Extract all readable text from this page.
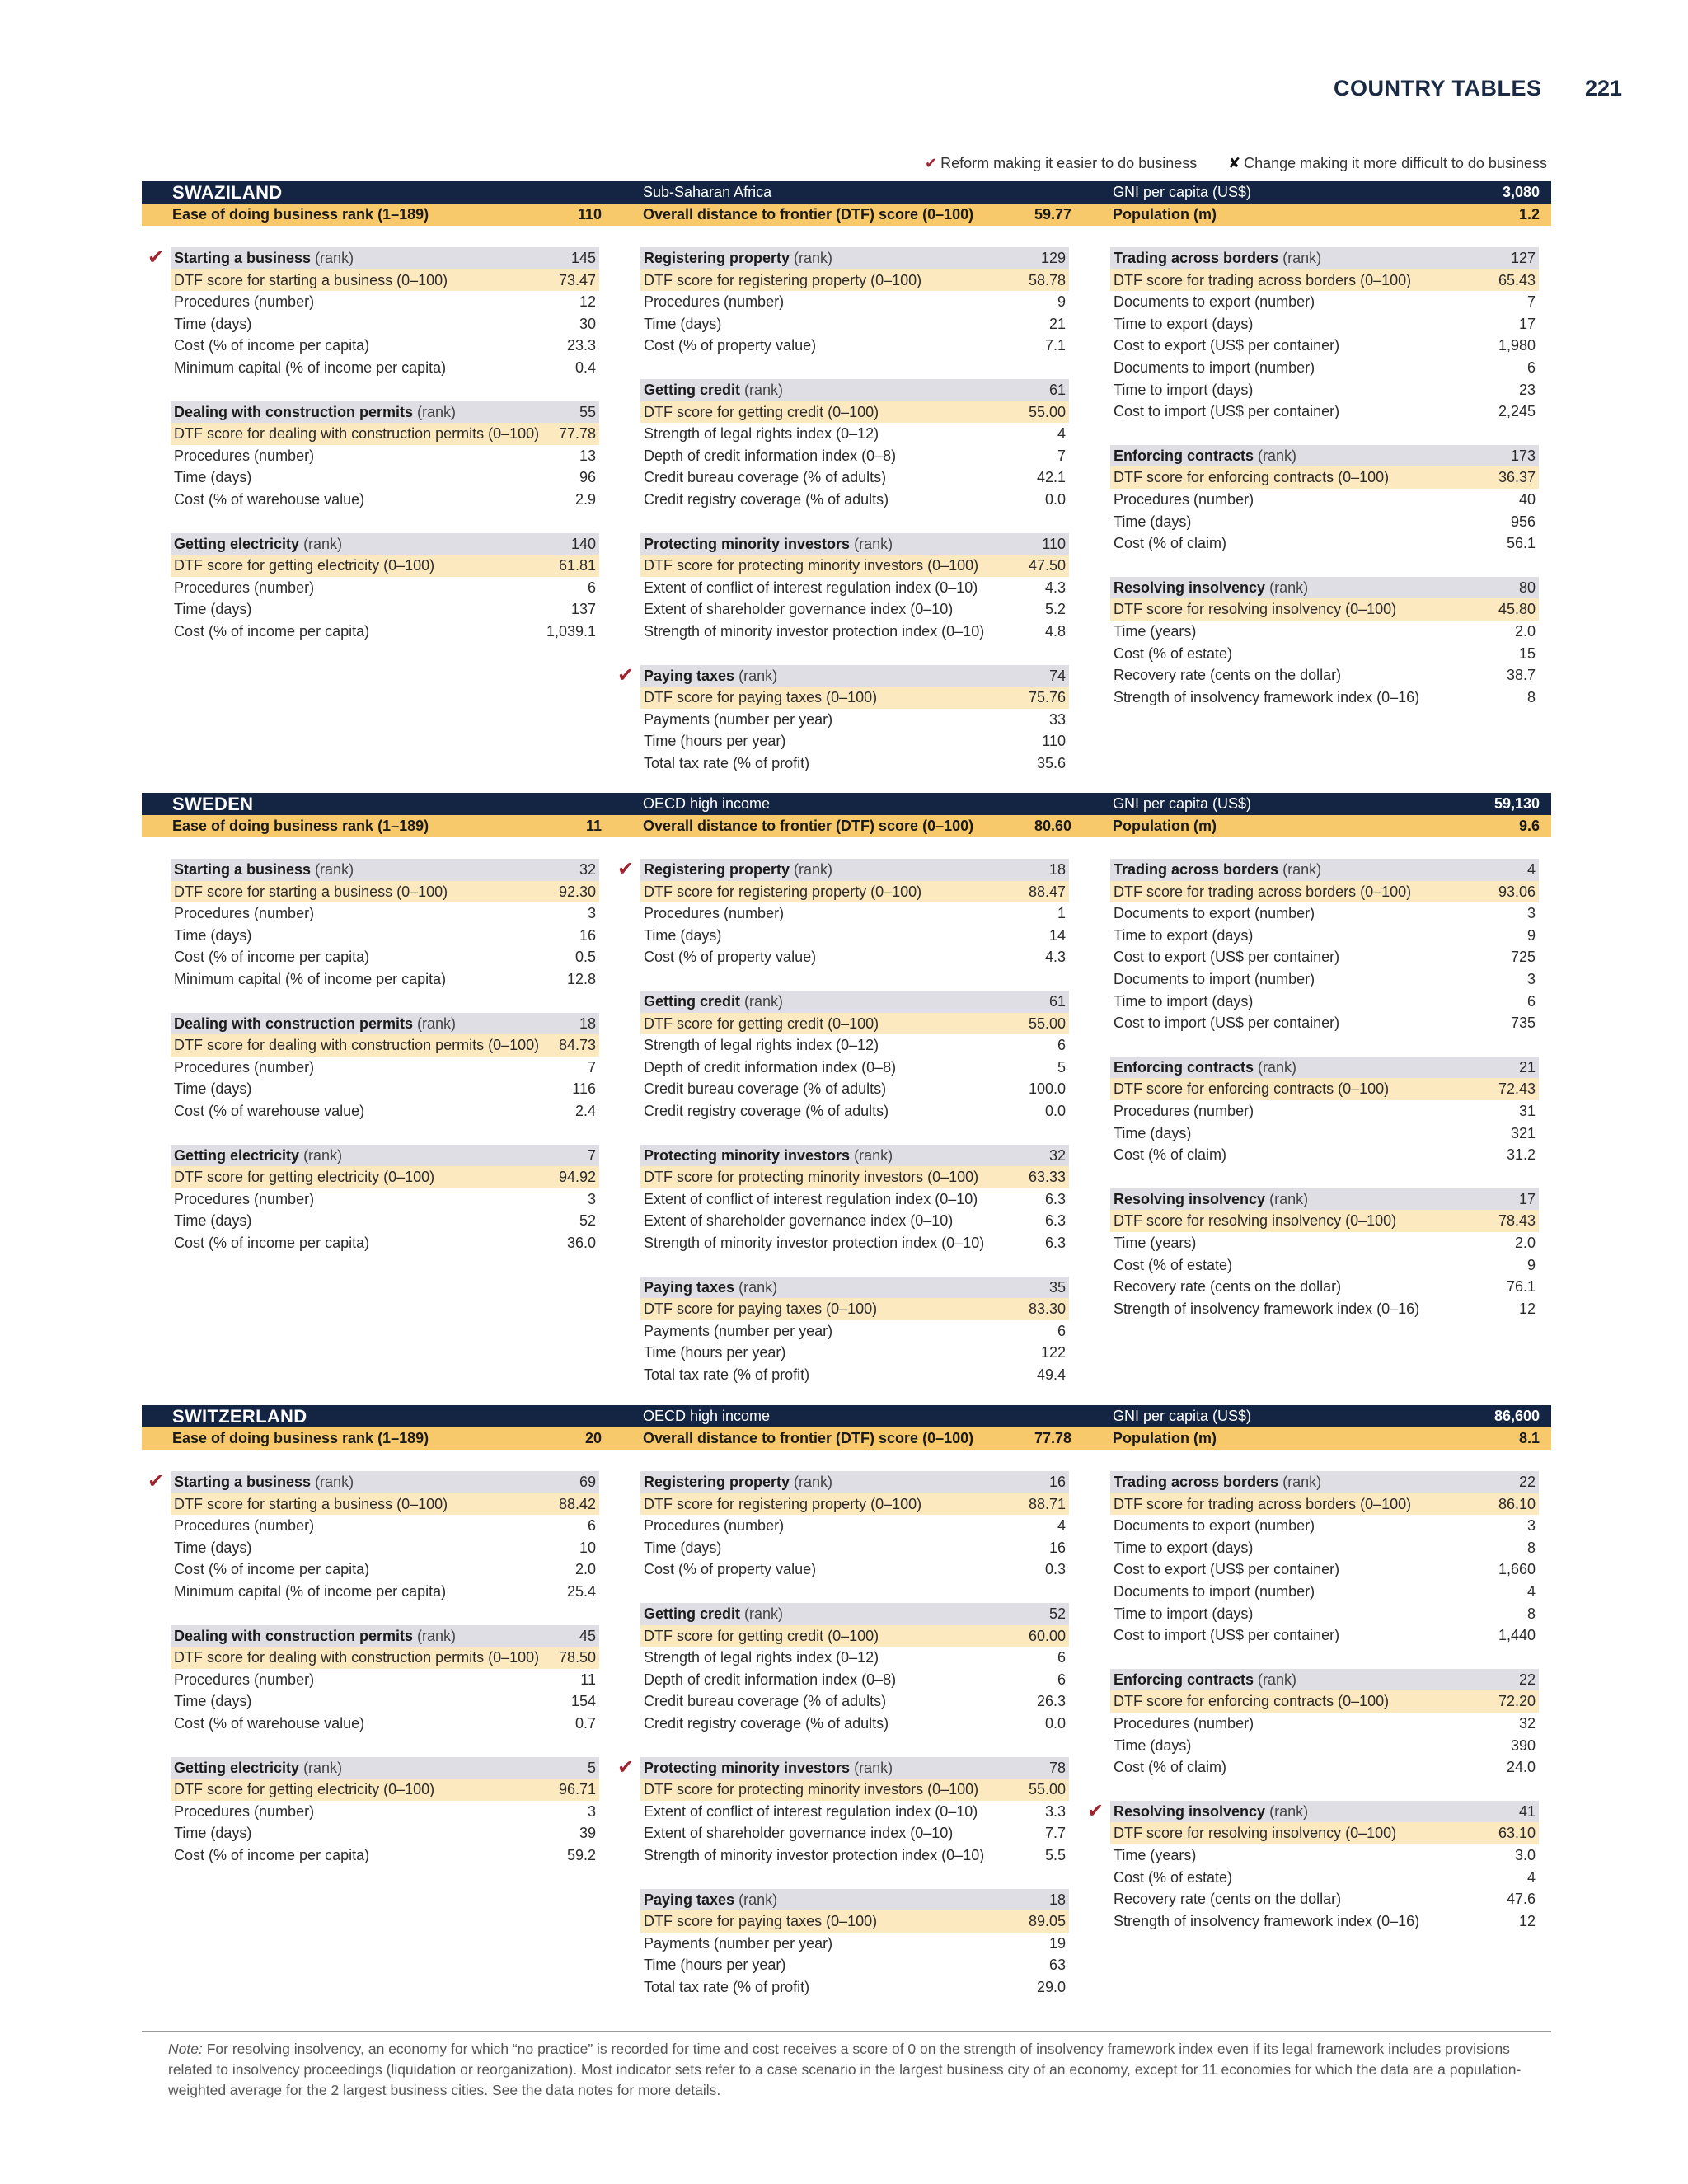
COUNTRY TABLES 221
✔ Reform making it easier to do business ✘ Change making it more difficult to do business
SWAZILAND	Sub-Saharan Africa	GNI per capita (US$)	3,080
Ease of doing business rank (1–189)	110	Overall distance to frontier (DTF) score (0–100)	59.77	Population (m)	1.2
✔ Starting a business (rank)	145
DTF score for starting a business (0–100)	73.47
Procedures (number)	12
Time (days)	30
Cost (% of income per capita)	23.3
Minimum capital (% of income per capita)	0.4
Dealing with construction permits (rank)	55
DTF score for dealing with construction permits (0–100) 77.78
Procedures (number)	13
Time (days)	96
Cost (% of warehouse value)	2.9
Getting electricity (rank)	140
DTF score for getting electricity (0–100)	61.81
Procedures (number)	6
Time (days)	137
Cost (% of income per capita)	1,039.1
Registering property (rank)	129
DTF score for registering property (0–100)	58.78
Procedures (number)	9
Time (days)	21
Cost (% of property value)	7.1
Getting credit (rank)	61
DTF score for getting credit (0–100)	55.00
Strength of legal rights index (0–12)	4
Depth of credit information index (0–8)	7
Credit bureau coverage (% of adults)	42.1
Credit registry coverage (% of adults)	0.0
Protecting minority investors (rank)	110
DTF score for protecting minority investors (0–100)	47.50
Extent of conflict of interest regulation index (0–10)	4.3
Extent of shareholder governance index (0–10)	5.2
Strength of minority investor protection index (0–10)	4.8
✔ Paying taxes (rank)	74
DTF score for paying taxes (0–100)	75.76
Payments (number per year)	33
Time (hours per year)	110
Total tax rate (% of profit)	35.6
Trading across borders (rank)	127
DTF score for trading across borders (0–100)	65.43
Documents to export (number)	7
Time to export (days)	17
Cost to export (US$ per container)	1,980
Documents to import (number)	6
Time to import (days)	23
Cost to import (US$ per container)	2,245
Enforcing contracts (rank)	173
DTF score for enforcing contracts (0–100)	36.37
Procedures (number)	40
Time (days)	956
Cost (% of claim)	56.1
Resolving insolvency (rank)	80
DTF score for resolving insolvency (0–100)	45.80
Time (years)	2.0
Cost (% of estate)	15
Recovery rate (cents on the dollar)	38.7
Strength of insolvency framework index (0–16)	8
SWEDEN	OECD high income	GNI per capita (US$)	59,130
Ease of doing business rank (1–189)	11	Overall distance to frontier (DTF) score (0–100)	80.60	Population (m)	9.6
Starting a business (rank)	32
DTF score for starting a business (0–100)	92.30
Procedures (number)	3
Time (days)	16
Cost (% of income per capita)	0.5
Minimum capital (% of income per capita)	12.8
Dealing with construction permits (rank)	18
DTF score for dealing with construction permits (0–100) 84.73
Procedures (number)	7
Time (days)	116
Cost (% of warehouse value)	2.4
Getting electricity (rank)	7
DTF score for getting electricity (0–100)	94.92
Procedures (number)	3
Time (days)	52
Cost (% of income per capita)	36.0
✔ Registering property (rank)	18
DTF score for registering property (0–100)	88.47
Procedures (number)	1
Time (days)	14
Cost (% of property value)	4.3
Getting credit (rank)	61
DTF score for getting credit (0–100)	55.00
Strength of legal rights index (0–12)	6
Depth of credit information index (0–8)	5
Credit bureau coverage (% of adults)	100.0
Credit registry coverage (% of adults)	0.0
Protecting minority investors (rank)	32
DTF score for protecting minority investors (0–100)	63.33
Extent of conflict of interest regulation index (0–10)	6.3
Extent of shareholder governance index (0–10)	6.3
Strength of minority investor protection index (0–10)	6.3
Paying taxes (rank)	35
DTF score for paying taxes (0–100)	83.30
Payments (number per year)	6
Time (hours per year)	122
Total tax rate (% of profit)	49.4
Trading across borders (rank)	4
DTF score for trading across borders (0–100)	93.06
Documents to export (number)	3
Time to export (days)	9
Cost to export (US$ per container)	725
Documents to import (number)	3
Time to import (days)	6
Cost to import (US$ per container)	735
Enforcing contracts (rank)	21
DTF score for enforcing contracts (0–100)	72.43
Procedures (number)	31
Time (days)	321
Cost (% of claim)	31.2
Resolving insolvency (rank)	17
DTF score for resolving insolvency (0–100)	78.43
Time (years)	2.0
Cost (% of estate)	9
Recovery rate (cents on the dollar)	76.1
Strength of insolvency framework index (0–16)	12
SWITZERLAND	OECD high income	GNI per capita (US$)	86,600
Ease of doing business rank (1–189)	20	Overall distance to frontier (DTF) score (0–100)	77.78	Population (m)	8.1
✔ Starting a business (rank)	69
DTF score for starting a business (0–100)	88.42
Procedures (number)	6
Time (days)	10
Cost (% of income per capita)	2.0
Minimum capital (% of income per capita)	25.4
Dealing with construction permits (rank)	45
DTF score for dealing with construction permits (0–100) 78.50
Procedures (number)	11
Time (days)	154
Cost (% of warehouse value)	0.7
Getting electricity (rank)	5
DTF score for getting electricity (0–100)	96.71
Procedures (number)	3
Time (days)	39
Cost (% of income per capita)	59.2
Registering property (rank)	16
DTF score for registering property (0–100)	88.71
Procedures (number)	4
Time (days)	16
Cost (% of property value)	0.3
Getting credit (rank)	52
DTF score for getting credit (0–100)	60.00
Strength of legal rights index (0–12)	6
Depth of credit information index (0–8)	6
Credit bureau coverage (% of adults)	26.3
Credit registry coverage (% of adults)	0.0
✔ Protecting minority investors (rank)	78
DTF score for protecting minority investors (0–100)	55.00
Extent of conflict of interest regulation index (0–10)	3.3
Extent of shareholder governance index (0–10)	7.7
Strength of minority investor protection index (0–10)	5.5
Paying taxes (rank)	18
DTF score for paying taxes (0–100)	89.05
Payments (number per year)	19
Time (hours per year)	63
Total tax rate (% of profit)	29.0
Trading across borders (rank)	22
DTF score for trading across borders (0–100)	86.10
Documents to export (number)	3
Time to export (days)	8
Cost to export (US$ per container)	1,660
Documents to import (number)	4
Time to import (days)	8
Cost to import (US$ per container)	1,440
Enforcing contracts (rank)	22
DTF score for enforcing contracts (0–100)	72.20
Procedures (number)	32
Time (days)	390
Cost (% of claim)	24.0
✔ Resolving insolvency (rank)	41
DTF score for resolving insolvency (0–100)	63.10
Time (years)	3.0
Cost (% of estate)	4
Recovery rate (cents on the dollar)	47.6
Strength of insolvency framework index (0–16)	12
Note: For resolving insolvency, an economy for which “no practice” is recorded for time and cost receives a score of 0 on the strength of insolvency framework index even if its legal framework includes provisions related to insolvency proceedings (liquidation or reorganization). Most indicator sets refer to a case scenario in the largest business city of an economy, except for 11 economies for which the data are a population-weighted average for the 2 largest business cities. See the data notes for more details.
